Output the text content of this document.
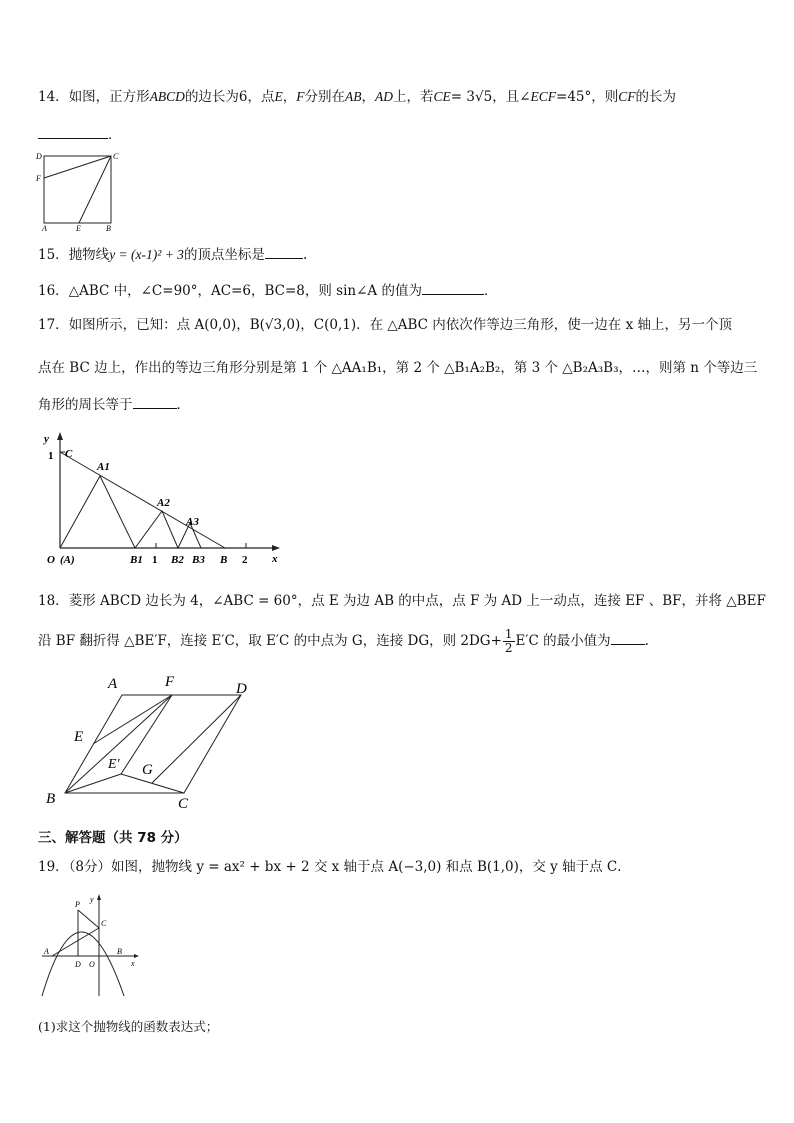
14．如图，正方形ABCD的边长为6，点E，F分别在AB，AD上，若CE= 3√5，且∠ECF=45°，则CF的长为
．
D	C
F
A	E	B
15．抛物线y = (x-1)² + 3的顶点坐标是	.
16．△ABC 中，∠C=90°，AC=6，BC=8，则 sin∠A 的值为	．
17．如图所示，已知：点 A(0,0)，B(√3,0)，C(0,1)．在 △ABC 内依次作等边三角形，使一边在 x 轴上，另一个顶
点在 BC 边上，作出的等边三角形分别是第 1 个 △AA₁B₁，第 2 个 △B₁A₂B₂，第 3 个 △B₂A₃B₃，…，则第 n 个等边三
角形的周长等于	．
y
1 C
A1
A2
A3
O (A)	B1 1 B2 B3 B 2 x
18．菱形 ABCD 边长为 4，∠ABC = 60°，点 E 为边 AB 的中点，点 F 为 AD 上一动点，连接 EF 、BF，并将 △BEF
沿 BF 翻折得 △BE′F，连接 E′C，取 E′C 的中点为 G，连接 DG，则 $2DG+ \frac{1}{2} E'C$ 的最小值为	.
A	F	D
E
E′ G
B	C
三、解答题（共 78 分）
19．（8分）如图，抛物线 y = ax² + bx + 2 交 x 轴于点 A(−3,0) 和点 B(1,0)，交 y 轴于点 C．
y
P
C
A	B
D O	x
(1)求这个抛物线的函数表达式；
